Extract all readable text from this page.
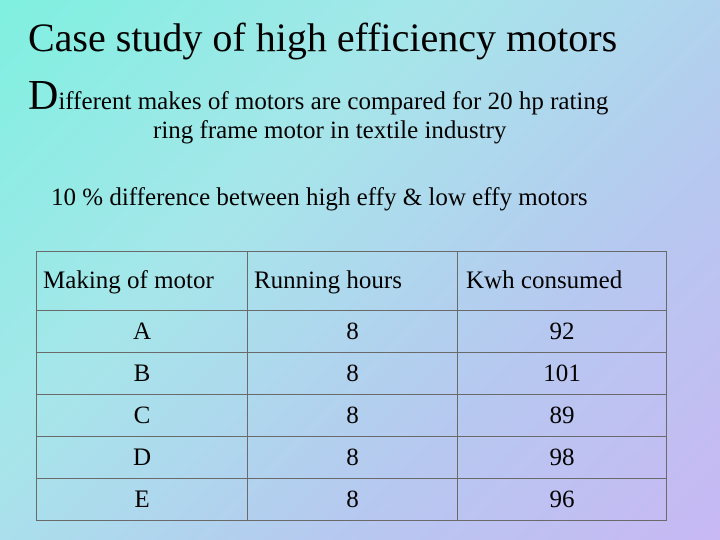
Case study of high efficiency motors
Different makes of motors are compared for 20 hp rating
ring frame motor in textile industry
10 % difference between high effy & low effy motors
Making of motor	Running hours	Kwh consumed
A	8	92
B	8	101
C	8	89
D	8	98
E	8	96
